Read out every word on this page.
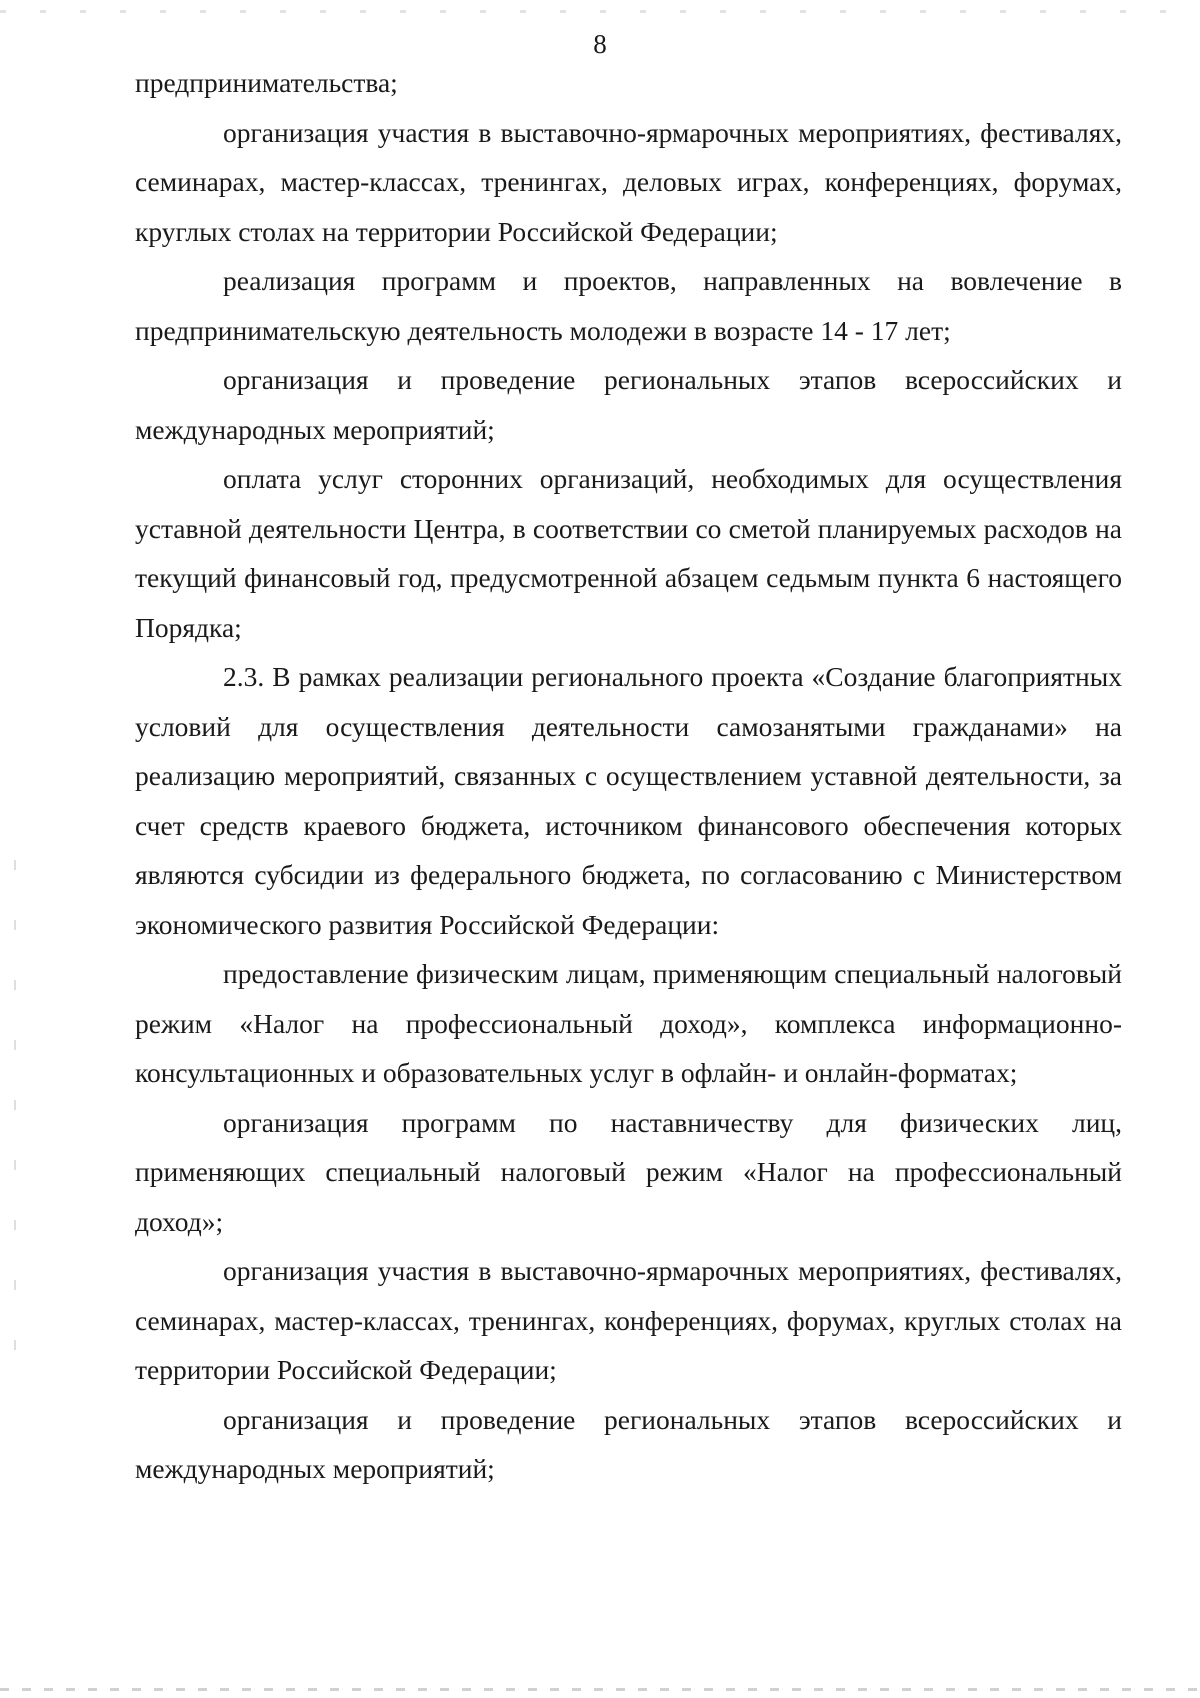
8

предпринимательства;

организация участия в выставочно-ярмарочных мероприятиях, фестивалях, семинарах, мастер-классах, тренингах, деловых играх, конференциях, форумах, круглых столах на территории Российской Федерации;

реализация программ и проектов, направленных на вовлечение в предпринимательскую деятельность молодежи в возрасте 14 - 17 лет;

организация и проведение региональных этапов всероссийских и международных мероприятий;

оплата услуг сторонних организаций, необходимых для осуществления уставной деятельности Центра, в соответствии со сметой планируемых расходов на текущий финансовый год, предусмотренной абзацем седьмым пункта 6 настоящего Порядка;

2.3. В рамках реализации регионального проекта «Создание благоприятных условий для осуществления деятельности самозанятыми гражданами» на реализацию мероприятий, связанных с осуществлением уставной деятельности, за счет средств краевого бюджета, источником финансового обеспечения которых являются субсидии из федерального бюджета, по согласованию с Министерством экономического развития Российской Федерации:

предоставление физическим лицам, применяющим специальный налоговый режим «Налог на профессиональный доход», комплекса информационно-консультационных и образовательных услуг в офлайн- и онлайн-форматах;

организация программ по наставничеству для физических лиц, применяющих специальный налоговый режим «Налог на профессиональный доход»;

организация участия в выставочно-ярмарочных мероприятиях, фестивалях, семинарах, мастер-классах, тренингах, конференциях, форумах, круглых столах на территории Российской Федерации;

организация и проведение региональных этапов всероссийских и международных мероприятий;
